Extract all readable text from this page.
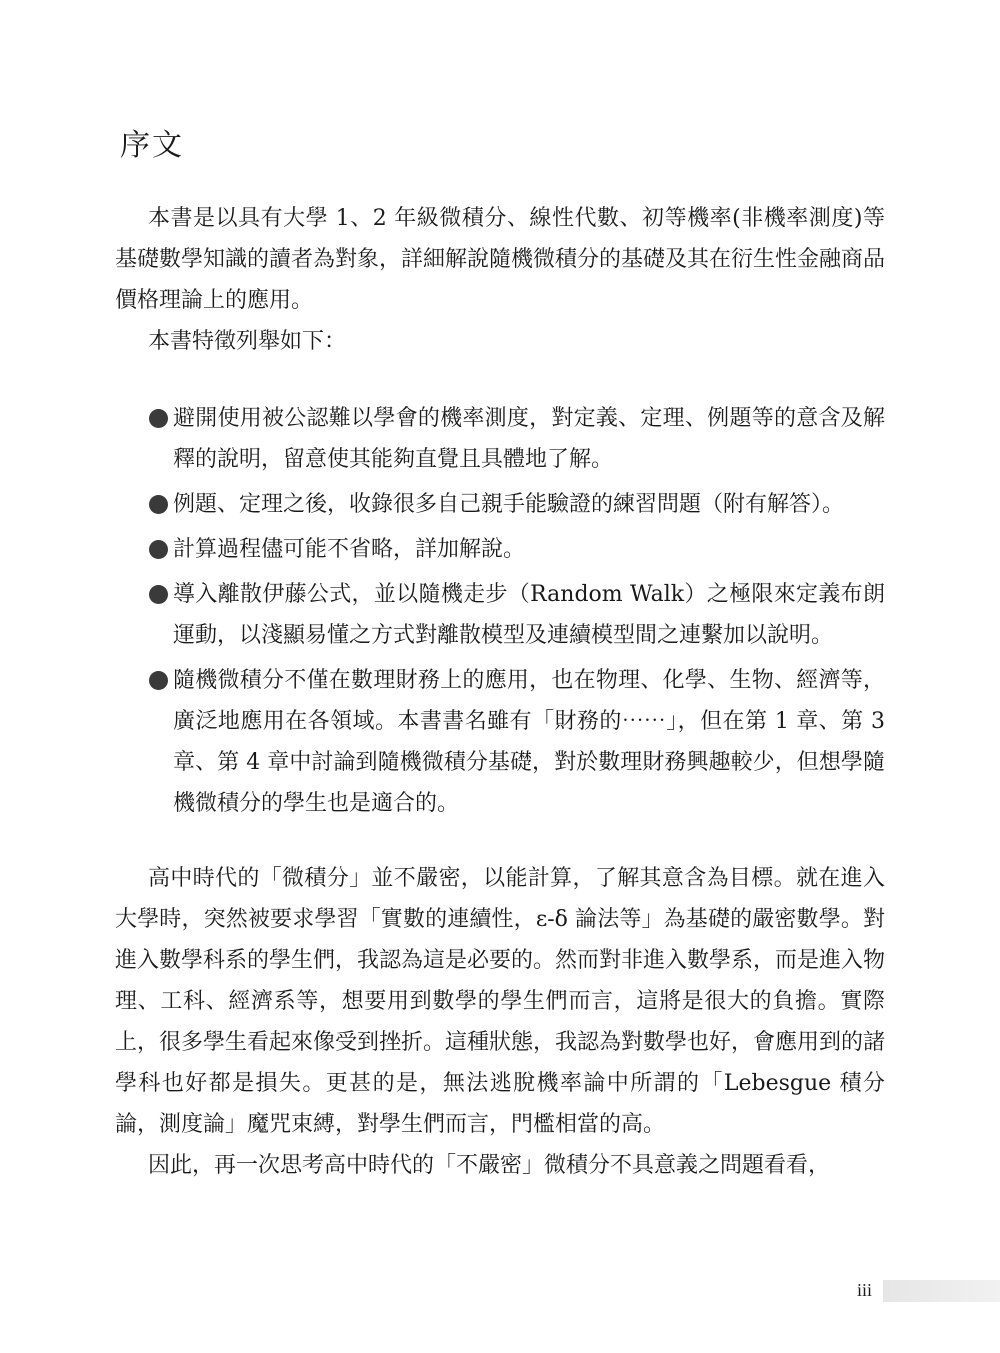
序文

本書是以具有大學 1、2 年級微積分、線性代數、初等機率(非機率測度)等基礎數學知識的讀者為對象，詳細解說隨機微積分的基礎及其在衍生性金融商品價格理論上的應用。

本書特徵列舉如下：

避開使用被公認難以學會的機率測度，對定義、定理、例題等的意含及解釋的說明，留意使其能夠直覺且具體地了解。
例題、定理之後，收錄很多自己親手能驗證的練習問題（附有解答）。
計算過程儘可能不省略，詳加解說。
導入離散伊藤公式，並以隨機走步（Random Walk）之極限來定義布朗運動，以淺顯易懂之方式對離散模型及連續模型間之連繫加以說明。
隨機微積分不僅在數理財務上的應用，也在物理、化學、生物、經濟等，廣泛地應用在各領域。本書書名雖有「財務的⋯⋯」，但在第 1 章、第 3 章、第 4 章中討論到隨機微積分基礎，對於數理財務興趣較少，但想學隨機微積分的學生也是適合的。

高中時代的「微積分」並不嚴密，以能計算，了解其意含為目標。就在進入大學時，突然被要求學習「實數的連續性，ε-δ 論法等」為基礎的嚴密數學。對進入數學科系的學生們，我認為這是必要的。然而對非進入數學系，而是進入物理、工科、經濟系等，想要用到數學的學生們而言，這將是很大的負擔。實際上，很多學生看起來像受到挫折。這種狀態，我認為對數學也好，會應用到的諸學科也好都是損失。更甚的是，無法逃脫機率論中所謂的「Lebesgue 積分論，測度論」魔咒束縛，對學生們而言，門檻相當的高。

因此，再一次思考高中時代的「不嚴密」微積分不具意義之問題看看，

iii
